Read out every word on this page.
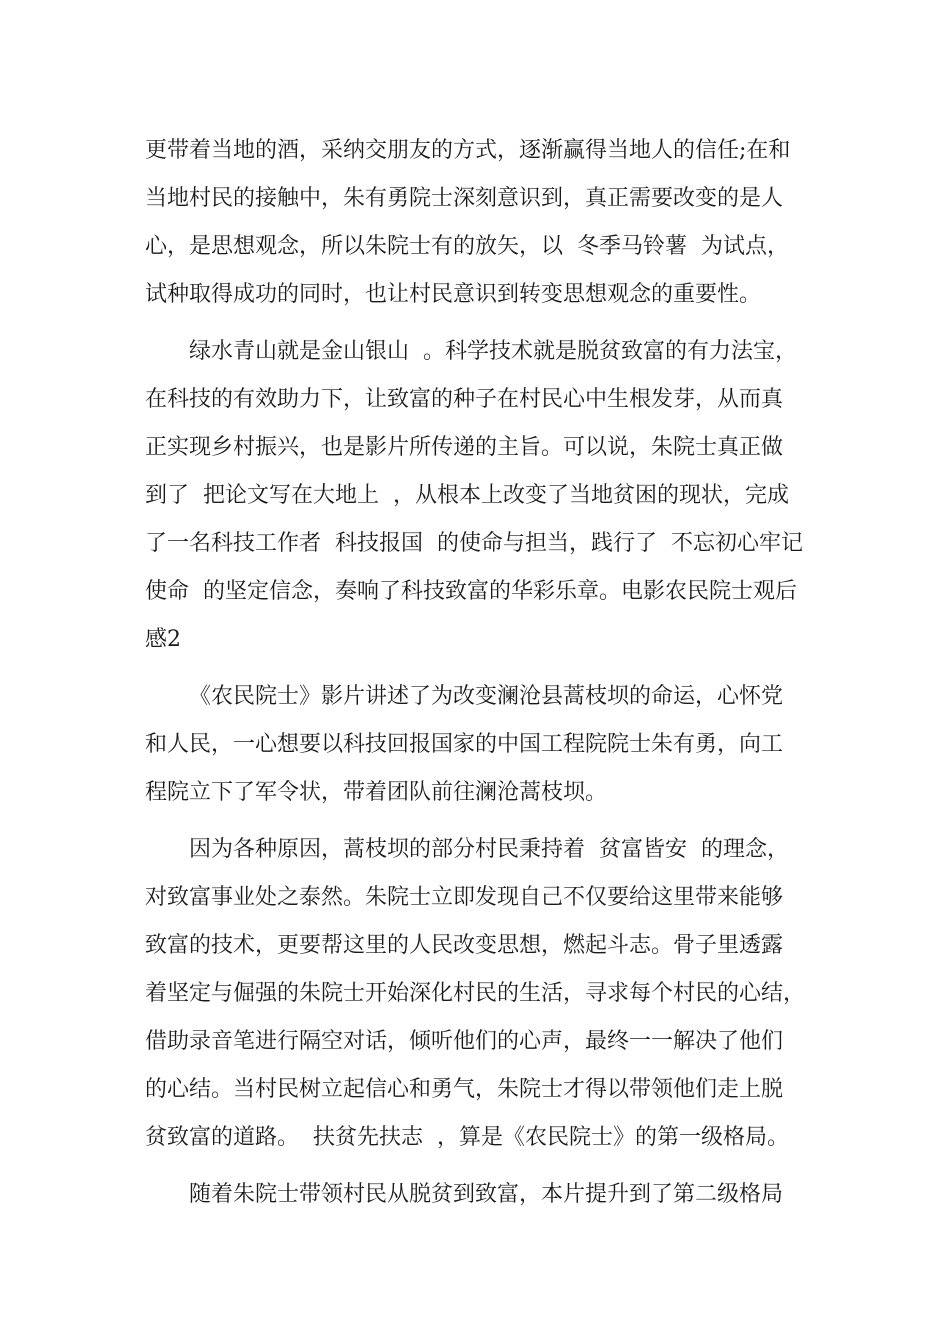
更带着当地的酒，采纳交朋友的方式，逐渐赢得当地人的信任;在和

当地村民的接触中，朱有勇院士深刻意识到，真正需要改变的是人

心，是思想观念，所以朱院士有的放矢，以  冬季马铃薯  为试点，

试种取得成功的同时，也让村民意识到转变思想观念的重要性。

绿水青山就是金山银山  。科学技术就是脱贫致富的有力法宝，

在科技的有效助力下，让致富的种子在村民心中生根发芽，从而真

正实现乡村振兴，也是影片所传递的主旨。可以说，朱院士真正做

到了  把论文写在大地上  ，从根本上改变了当地贫困的现状，完成

了一名科技工作者  科技报国  的使命与担当，践行了  不忘初心牢记

使命  的坚定信念，奏响了科技致富的华彩乐章。电影农民院士观后

感2

《农民院士》影片讲述了为改变澜沧县蒿枝坝的命运，心怀党

和人民，一心想要以科技回报国家的中国工程院院士朱有勇，向工

程院立下了军令状，带着团队前往澜沧蒿枝坝。

因为各种原因，蒿枝坝的部分村民秉持着  贫富皆安  的理念，

对致富事业处之泰然。朱院士立即发现自己不仅要给这里带来能够

致富的技术，更要帮这里的人民改变思想，燃起斗志。骨子里透露

着坚定与倔强的朱院士开始深化村民的生活，寻求每个村民的心结，

借助录音笔进行隔空对话，倾听他们的心声，最终一一解决了他们

的心结。当村民树立起信心和勇气，朱院士才得以带领他们走上脱

贫致富的道路。  扶贫先扶志  ，算是《农民院士》的第一级格局。

随着朱院士带领村民从脱贫到致富，本片提升到了第二级格局
